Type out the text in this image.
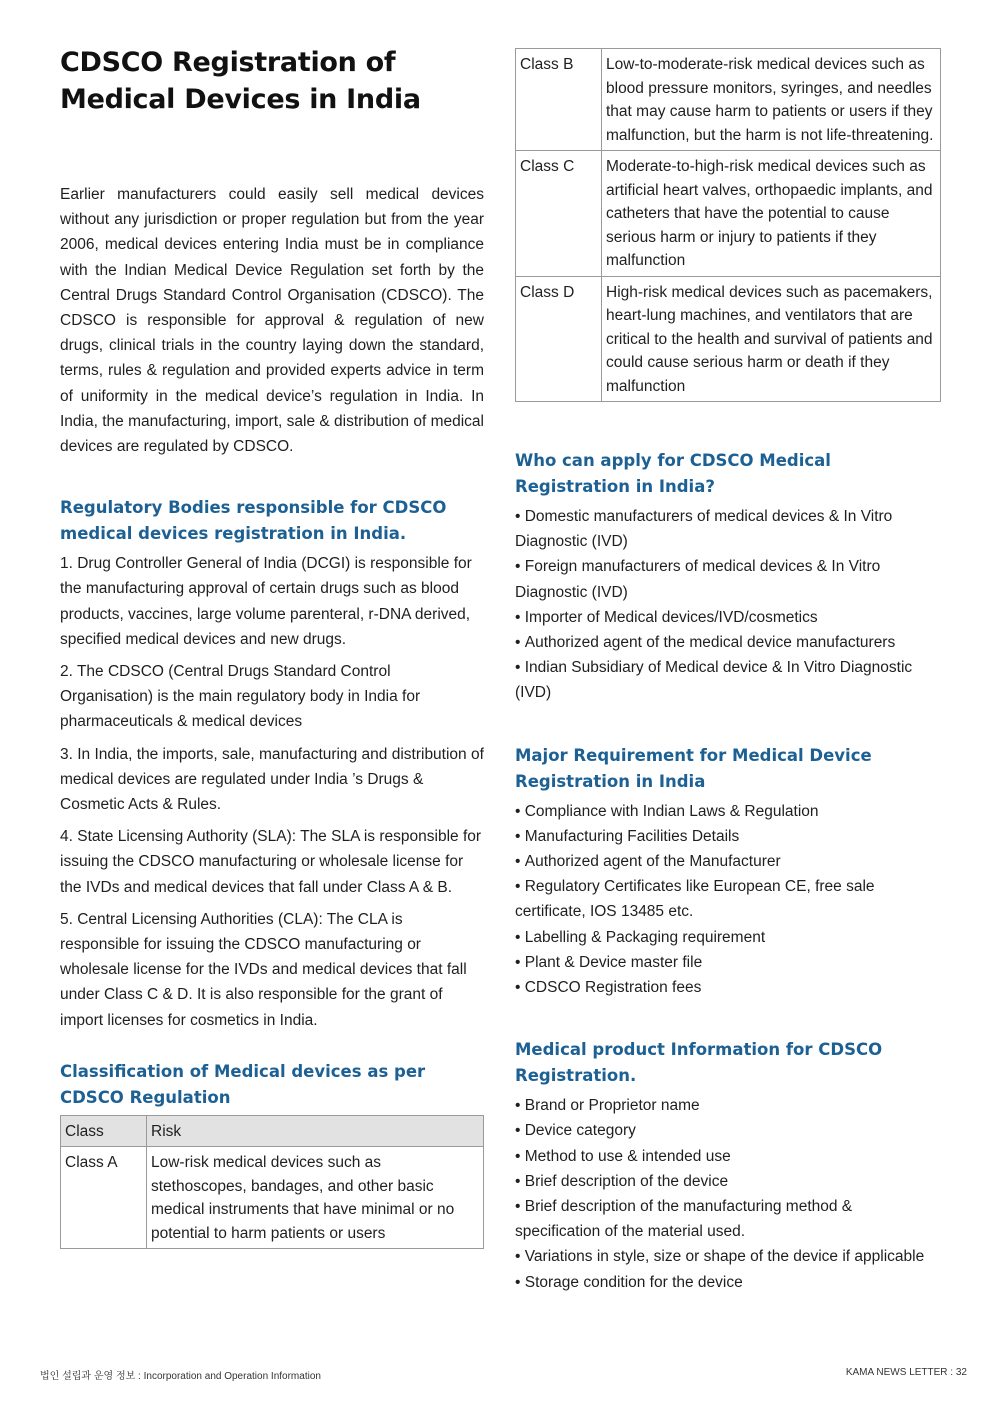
CDSCO Registration of Medical Devices in India

Earlier manufacturers could easily sell medical devices without any jurisdiction or proper regulation but from the year 2006, medical devices entering India must be in compliance with the Indian Medical Device Regulation set forth by the Central Drugs Standard Control Organisation (CDSCO). The CDSCO is responsible for approval & regulation of new drugs, clinical trials in the country laying down the standard, terms, rules & regulation and provided experts advice in term of uniformity in the medical device’s regulation in India. In India, the manufacturing, import, sale & distribution of medical devices are regulated by CDSCO.

Regulatory Bodies responsible for CDSCO medical devices registration in India.

1. Drug Controller General of India (DCGI) is responsible for the manufacturing approval of certain drugs such as blood products, vaccines, large volume parenteral, r-DNA derived, specified medical devices and new drugs.

2. The CDSCO (Central Drugs Standard Control Organisation) is the main regulatory body in India for pharmaceuticals & medical devices

3. In India, the imports, sale, manufacturing and distribution of medical devices are regulated under India ’s Drugs & Cosmetic Acts & Rules.

4. State Licensing Authority (SLA): The SLA is responsible for issuing the CDSCO manufacturing or wholesale license for the IVDs and medical devices that fall under Class A & B.

5. Central Licensing Authorities (CLA): The CLA is responsible for issuing the CDSCO manufacturing or wholesale license for the IVDs and medical devices that fall under Class C & D. It is also responsible for the grant of import licenses for cosmetics in India.

Classification of Medical devices as per CDSCO Regulation
Class	Risk
Class A	Low-risk medical devices such as stethoscopes, bandages, and other basic medical instruments that have minimal or no potential to harm patients or users
Class B	Low-to-moderate-risk medical devices such as blood pressure monitors, syringes, and needles that may cause harm to patients or users if they malfunction, but the harm is not life-threatening.
Class C	Moderate-to-high-risk medical devices such as artificial heart valves, orthopaedic implants, and catheters that have the potential to cause serious harm or injury to patients if they malfunction
Class D	High-risk medical devices such as pacemakers, heart-lung machines, and ventilators that are critical to the health and survival of patients and could cause serious harm or death if they malfunction
Who can apply for CDSCO Medical Registration in India?
• Domestic manufacturers of medical devices & In Vitro Diagnostic (IVD)
• Foreign manufacturers of medical devices & In Vitro Diagnostic (IVD)
• Importer of Medical devices/IVD/cosmetics
• Authorized agent of the medical device manufacturers
• Indian Subsidiary of Medical device & In Vitro Diagnostic (IVD)
Major Requirement for Medical Device Registration in India
• Compliance with Indian Laws & Regulation
• Manufacturing Facilities Details
• Authorized agent of the Manufacturer
• Regulatory Certificates like European CE, free sale certificate, IOS 13485 etc.
• Labelling & Packaging requirement
• Plant & Device master file
• CDSCO Registration fees
Medical product Information for CDSCO Registration.
• Brand or Proprietor name
• Device category
• Method to use & intended use
• Brief description of the device
• Brief description of the manufacturing method & specification of the material used.
• Variations in style, size or shape of the device if applicable
• Storage condition for the device
법인 설립과 운영 정보 : Incorporation and Operation Information	KAMA NEWS LETTER : 32
